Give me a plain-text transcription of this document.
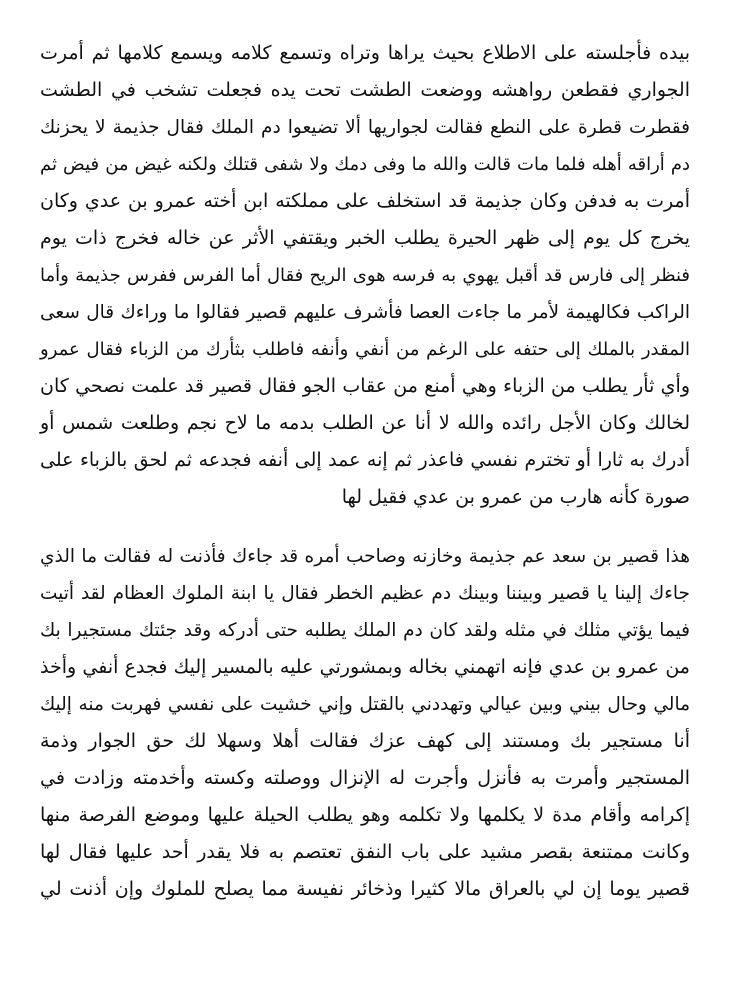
بيده فأجلسته على الاطلاع بحيث يراها وتراه وتسمع كلامه ويسمع كلامها ثم أمرت
الجواري فقطعن رواهشه ووضعت الطشت تحت يده فجعلت تشخب في الطشت
فقطرت قطرة على النطع فقالت لجواريها ألا تضيعوا دم الملك فقال جذيمة لا يحزنك
دم أراقه أهله فلما مات قالت والله ما وفى دمك ولا شفى قتلك ولكنه غيض من فيض ثم
أمرت به فدفن وكان جذيمة قد استخلف على مملكته ابن أخته عمرو بن عدي وكان
يخرج كل يوم إلى ظهر الحيرة يطلب الخبر ويقتفي الأثر عن خاله فخرج ذات يوم
فنظر إلى فارس قد أقبل يهوي به فرسه هوى الريح فقال أما الفرس ففرس جذيمة وأما
الراكب فكالهيمة لأمر ما جاءت العصا فأشرف عليهم قصير فقالوا ما وراءك قال سعى
المقدر بالملك إلى حتفه على الرغم من أنفي وأنفه فاطلب بثأرك من الزباء فقال عمرو
وأي ثأر يطلب من الزباء وهي أمنع من عقاب الجو فقال قصير قد علمت نصحي كان
لخالك وكان الأجل رائده والله لا أنا عن الطلب بدمه ما لاح نجم وطلعت شمس أو
أدرك به ثارا أو تخترم نفسي فاعذر ثم إنه عمد إلى أنفه فجدعه ثم لحق بالزباء على
صورة كأنه هارب من عمرو بن عدي فقيل لها
هذا قصير بن سعد عم جذيمة وخازنه وصاحب أمره قد جاءك فأذنت له فقالت ما الذي
جاءك إلينا يا قصير وبيننا وبينك دم عظيم الخطر فقال يا ابنة الملوك العظام لقد أتيت
فيما يؤتي مثلك في مثله ولقد كان دم الملك يطلبه حتى أدركه وقد جئتك مستجيرا بك
من عمرو بن عدي فإنه اتهمني بخاله وبمشورتي عليه بالمسير إليك فجدع أنفي وأخذ
مالي وحال بيني وبين عيالي وتهددني بالقتل وإني خشيت على نفسي فهربت منه إليك
أنا مستجير بك ومستند إلى كهف عزك فقالت أهلا وسهلا لك حق الجوار وذمة
المستجير وأمرت به فأنزل وأجرت له الإنزال ووصلته وكسته وأخدمته وزادت في
إكرامه وأقام مدة لا يكلمها ولا تكلمه وهو يطلب الحيلة عليها وموضع الفرصة منها
وكانت ممتنعة بقصر مشيد على باب النفق تعتصم به فلا يقدر أحد عليها فقال لها
قصير يوما إن لي بالعراق مالا كثيرا وذخائر نفيسة مما يصلح للملوك وإن أذنت لي
